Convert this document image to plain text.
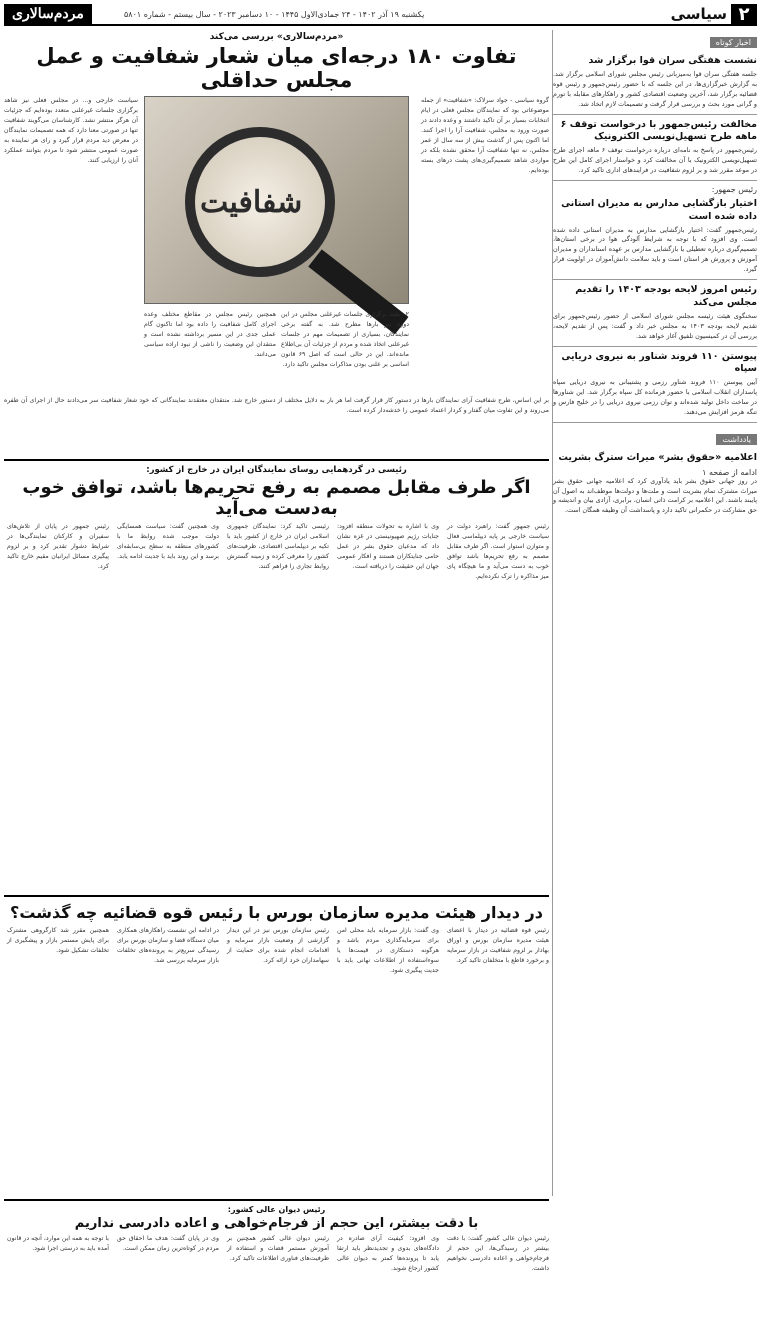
۲
سیاسی
یکشنبه ۱۹ آذر ۱۴۰۲ - ۲۴ جمادی‌الاول ۱۴۴۵ - ۱۰ دسامبر ۲۰۲۳ - سال بیستم - شماره ۵۸۰۱
مردم‌سالاری
اخبار کوتاه
نشست هفتگی سران قوا برگزار شد
جلسه هفتگی سران قوا به‌میزبانی رئیس مجلس شورای اسلامی برگزار شد. به گزارش خبرگزاری‌ها، در این جلسه که با حضور رئیس‌جمهور و رئیس قوه قضائیه برگزار شد، آخرین وضعیت اقتصادی کشور و راهکارهای مقابله با تورم و گرانی مورد بحث و بررسی قرار گرفت و تصمیمات لازم اتخاذ شد.
مخالفت رئیس‌جمهور با درخواست توقف ۶ ماهه طرح تسهیل‌نویسی الکترونیک
رئیس‌جمهور در پاسخ به نامه‌ای درباره درخواست توقف ۶ ماهه اجرای طرح تسهیل‌نویسی الکترونیک با آن مخالفت کرد و خواستار اجرای کامل این طرح در موعد مقرر شد و بر لزوم شفافیت در فرایندهای اداری تاکید کرد.
رئیس جمهور:
اختیار بازگشایی مدارس به مدیران استانی داده شده است
رئیس‌جمهور گفت: اختیار بازگشایی مدارس به مدیران استانی داده شده است. وی افزود که با توجه به شرایط آلودگی هوا در برخی استان‌ها، تصمیم‌گیری درباره تعطیلی یا بازگشایی مدارس بر عهده استانداران و مدیران آموزش و پرورش هر استان است و باید سلامت دانش‌آموزان در اولویت قرار گیرد.
رئیس امروز لایحه بودجه ۱۴۰۳ را تقدیم مجلس می‌کند
سخنگوی هیئت رئیسه مجلس شورای اسلامی از حضور رئیس‌جمهور برای تقدیم لایحه بودجه ۱۴۰۳ به مجلس خبر داد و گفت: پس از تقدیم لایحه، بررسی آن در کمیسیون تلفیق آغاز خواهد شد.
پیوستن ۱۱۰ فروند شناور به نیروی دریایی سپاه
آیین پیوستن ۱۱۰ فروند شناور رزمی و پشتیبانی به نیروی دریایی سپاه پاسداران انقلاب اسلامی با حضور فرمانده کل سپاه برگزار شد. این شناورها در ساخت داخل تولید شده‌اند و توان رزمی نیروی دریایی را در خلیج فارس و تنگه هرمز افزایش می‌دهند.
یادداشت
اعلامیه «حقوق بشر» میراث سترگ بشریت
ادامه از صفحه ۱
در روز جهانی حقوق بشر باید یادآوری کرد که اعلامیه جهانی حقوق بشر میراث مشترک تمام بشریت است و ملت‌ها و دولت‌ها موظف‌اند به اصول آن پایبند باشند. این اعلامیه بر کرامت ذاتی انسان، برابری، آزادی بیان و اندیشه و حق مشارکت در حکمرانی تاکید دارد و پاسداشت آن وظیفه همگان است.
«مردم‌سالاری» بررسی می‌کند
تفاوت ۱۸۰ درجه‌ای میان شعار شفافیت و عمل مجلس حداقلی
گروه سیاسی - جواد سرلاک: «شفافیت» از جمله موضوعاتی بود که نمایندگان مجلس فعلی در ایام انتخابات بسیار بر آن تاکید داشتند و وعده دادند در صورت ورود به مجلس، شفافیت آرا را اجرا کنند. اما اکنون پس از گذشت بیش از سه سال از عمر مجلس، نه تنها شفافیت آرا محقق نشده بلکه در مواردی شاهد تصمیم‌گیری‌های پشت درهای بسته بوده‌ایم.
شفافیت
سیاست خارجی و... در مجلس فعلی نیز شاهد برگزاری جلسات غیرعلنی متعدد بوده‌ایم که جزئیات آن هرگز منتشر نشد. کارشناسان می‌گویند شفافیت تنها در صورتی معنا دارد که همه تصمیمات نمایندگان در معرض دید مردم قرار گیرد و رای هر نماینده به صورت عمومی منتشر شود تا مردم بتوانند عملکرد آنان را ارزیابی کنند.
۲- بحث برگزاری جلسات غیرعلنی مجلس در این دوره نیز بارها مطرح شد. به گفته برخی نمایندگان، بسیاری از تصمیمات مهم در جلسات غیرعلنی اتخاذ شده و مردم از جزئیات آن بی‌اطلاع مانده‌اند. این در حالی است که اصل ۶۹ قانون اساسی بر علنی بودن مذاکرات مجلس تاکید دارد.
همچنین رئیس مجلس در مقاطع مختلف وعده اجرای کامل شفافیت را داده بود اما تاکنون گام عملی جدی در این مسیر برداشته نشده است و منتقدان این وضعیت را ناشی از نبود اراده سیاسی می‌دانند.
بر این اساس، طرح شفافیت آرای نمایندگان بارها در دستور کار قرار گرفت اما هر بار به دلایل مختلف از دستور خارج شد. منتقدان معتقدند نمایندگانی که خود شعار شفافیت سر می‌دادند حال از اجرای آن طفره می‌روند و این تفاوت میان گفتار و کردار اعتماد عمومی را خدشه‌دار کرده است.
رئیسی در گردهمایی روسای نمایندگان ایران در خارج از کشور:
اگر طرف مقابل مصمم به رفع تحریم‌ها باشد، توافق خوب به‌دست می‌آید
رئیس جمهور گفت: راهبرد دولت در سیاست خارجی بر پایه دیپلماسی فعال و متوازن استوار است. اگر طرف مقابل مصمم به رفع تحریم‌ها باشد توافق خوب به دست می‌آید و ما هیچگاه پای میز مذاکره را ترک نکرده‌ایم.
وی با اشاره به تحولات منطقه افزود: جنایات رژیم صهیونیستی در غزه نشان داد که مدعیان حقوق بشر در عمل حامی جنایتکاران هستند و افکار عمومی جهان این حقیقت را دریافته است.
رئیسی تاکید کرد: نمایندگان جمهوری اسلامی ایران در خارج از کشور باید با تکیه بر دیپلماسی اقتصادی، ظرفیت‌های کشور را معرفی کرده و زمینه گسترش روابط تجاری را فراهم کنند.
وی همچنین گفت: سیاست همسایگی دولت موجب شده روابط ما با کشورهای منطقه به سطح بی‌سابقه‌ای برسد و این روند باید با جدیت ادامه یابد.
رئیس جمهور در پایان از تلاش‌های سفیران و کارکنان نمایندگی‌ها در شرایط دشوار تقدیر کرد و بر لزوم پیگیری مسائل ایرانیان مقیم خارج تاکید کرد.
در دیدار هیئت مدیره سازمان بورس با رئیس قوه قضائیه چه گذشت؟
رئیس قوه قضائیه در دیدار با اعضای هیئت مدیره سازمان بورس و اوراق بهادار بر لزوم شفافیت در بازار سرمایه و برخورد قاطع با متخلفان تاکید کرد.
وی گفت: بازار سرمایه باید محلی امن برای سرمایه‌گذاری مردم باشد و هرگونه دستکاری در قیمت‌ها یا سوءاستفاده از اطلاعات نهانی باید با جدیت پیگیری شود.
رئیس سازمان بورس نیز در این دیدار گزارشی از وضعیت بازار سرمایه و اقدامات انجام شده برای حمایت از سهامداران خرد ارائه کرد.
در ادامه این نشست راهکارهای همکاری میان دستگاه قضا و سازمان بورس برای رسیدگی سریع‌تر به پرونده‌های تخلفات بازار سرمایه بررسی شد.
همچنین مقرر شد کارگروهی مشترک برای پایش مستمر بازار و پیشگیری از تخلفات تشکیل شود.
رئیس دیوان عالی کشور:
با دقت بیشتر، این حجم از فرجام‌خواهی و اعاده دادرسی نداریم
رئیس دیوان عالی کشور گفت: با دقت بیشتر در رسیدگی‌ها، این حجم از فرجام‌خواهی و اعاده دادرسی نخواهیم داشت.
وی افزود: کیفیت آرای صادره در دادگاه‌های بدوی و تجدیدنظر باید ارتقا یابد تا پرونده‌ها کمتر به دیوان عالی کشور ارجاع شوند.
رئیس دیوان عالی کشور همچنین بر آموزش مستمر قضات و استفاده از ظرفیت‌های فناوری اطلاعات تاکید کرد.
وی در پایان گفت: هدف ما احقاق حق مردم در کوتاه‌ترین زمان ممکن است.
با توجه به همه این موارد، آنچه در قانون آمده باید به درستی اجرا شود.
